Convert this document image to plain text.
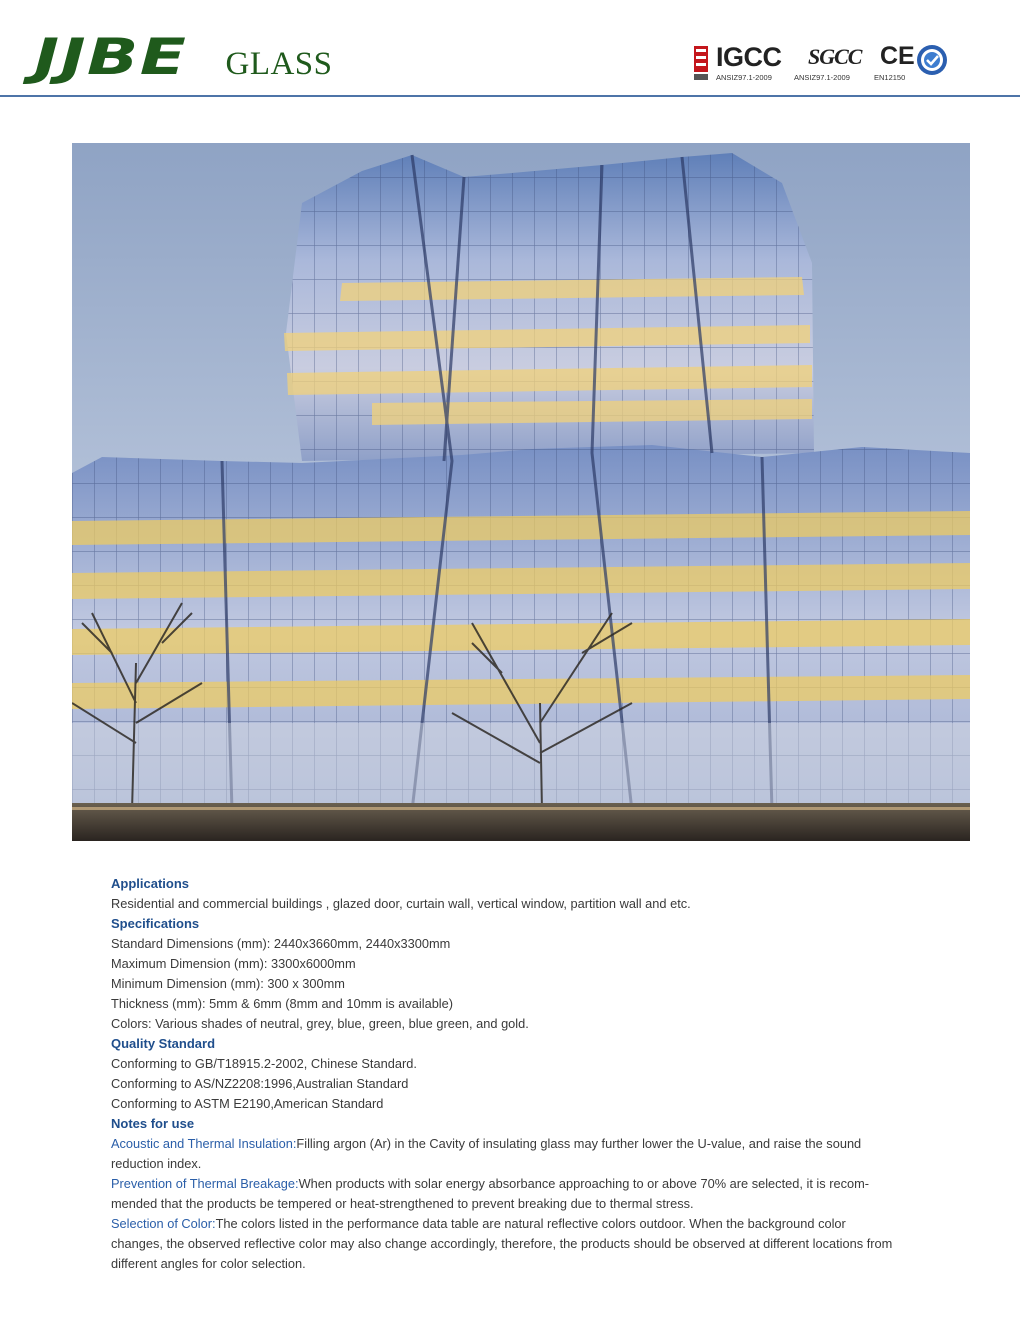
JJBE GLASS	IGCC SGCC CE
ANSIZ97.1-2009	ANSIZ97.1-2009	EN12150
Applications

Residential and commercial buildings , glazed door, curtain wall, vertical window, partition wall and etc.

Specifications

Standard Dimensions (mm): 2440x3660mm, 2440x3300mm

Maximum Dimension (mm): 3300x6000mm

Minimum Dimension (mm): 300 x 300mm

Thickness (mm): 5mm & 6mm (8mm and 10mm is available)

Colors: Various shades of neutral, grey, blue, green, blue green, and gold.

Quality Standard

Conforming to GB/T18915.2-2002, Chinese Standard.

Conforming to AS/NZ2208:1996,Australian Standard

Conforming to ASTM E2190,American Standard

Notes for use

Acoustic and Thermal Insulation:Filling argon (Ar) in the Cavity of insulating glass may further lower the U-value, and raise the sound reduction index.

Prevention of Thermal Breakage:When products with solar energy absorbance approaching to or above 70% are selected, it is recom-mended that the products be tempered or heat-strengthened to prevent breaking due to thermal stress.

Selection of Color:The colors listed in the performance data table are natural reflective colors outdoor. When the background color changes, the observed reflective color may also change accordingly, therefore, the products should be observed at different locations from different angles for color selection.
